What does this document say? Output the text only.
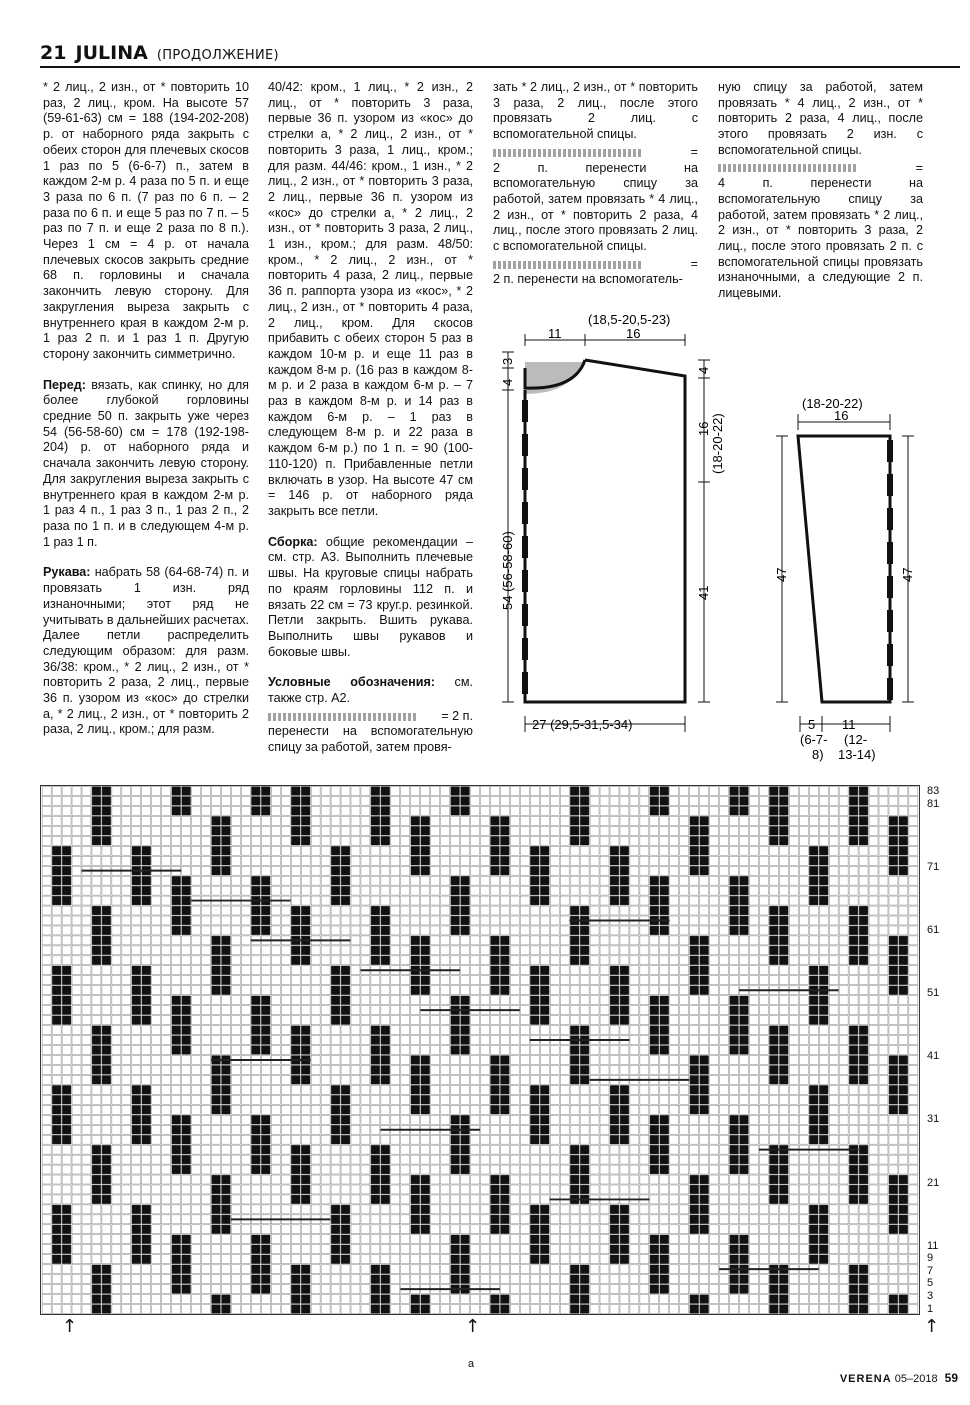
21 JULINA (ПРОДОЛЖЕНИЕ)

* 2 лиц., 2 изн., от * повторить 10 раз, 2 лиц., кром. На высоте 57 (59-61-63) см = 188 (194-202-208) р. от наборного ряда закрыть с обеих сторон для плечевых скосов 1 раз по 5 (6-6-7) п., затем в каждом 2-м р. 4 раза по 5 п. и еще 3 раза по 6 п. (7 раз по 6 п. – 2 раза по 6 п. и еще 5 раз по 7 п. – 5 раз по 7 п. и еще 2 раза по 8 п.). Через 1 см = 4 р. от начала плечевых скосов закрыть средние 68 п. горловины и сначала закончить левую сторону. Для закругления выреза закрыть с внутреннего края в каждом 2-м р. 1 раз 2 п. и 1 раз 1 п. Другую сторону закончить симметрично.

Перед: вязать, как спинку, но для более глубокой горловины средние 50 п. закрыть уже через 54 (56-58-60) см = 178 (192-198-204) р. от наборного ряда и сначала закончить левую сторону. Для закругления выреза закрыть с внутреннего края в каждом 2-м р. 1 раз 4 п., 1 раз 3 п., 1 раз 2 п., 2 раза по 1 п. и в следующем 4-м р. 1 раз 1 п.

Рукава: набрать 58 (64-68-74) п. и провязать 1 изн. ряд изнаночными; этот ряд не учитывать в дальнейших расчетах. Далее петли распределить следующим образом: для разм. 36/38: кром., * 2 лиц., 2 изн., от * повторить 2 раза, 2 лиц., первые 36 п. узором из «кос» до стрелки а, * 2 лиц., 2 изн., от * повторить 2 раза, 2 лиц., кром.; для разм.

40/42: кром., 1 лиц., * 2 изн., 2 лиц., от * повторить 3 раза, первые 36 п. узором из «кос» до стрелки а, * 2 лиц., 2 изн., от * повторить 3 раза, 1 лиц., кром.; для разм. 44/46: кром., 1 изн., * 2 лиц., 2 изн., от * повторить 3 раза, 2 лиц., первые 36 п. узором из «кос» до стрелки а, * 2 лиц., 2 изн., от * повторить 3 раза, 2 лиц., 1 изн., кром.; для разм. 48/50: кром., * 2 лиц., 2 изн., от * повторить 4 раза, 2 лиц., первые 36 п. раппорта узора из «кос», * 2 лиц., 2 изн., от * повторить 4 раза, 2 лиц., кром. Для скосов прибавить с обеих сторон 5 раз в каждом 10-м р. и еще 11 раз в каждом 8-м р. (16 раз в каждом 8-м р. и 2 раза в каждом 6-м р. – 7 раз в каждом 8-м р. и 14 раз в каждом 6-м р. – 1 раз в следующем 8-м р. и 22 раза в каждом 6-м р.) по 1 п. = 90 (100-110-120) п. Прибавленные петли включать в узор. На высоте 47 см = 146 р. от наборного ряда закрыть все петли.

Сборка: общие рекомендации – см. стр. А3. Выполнить плечевые швы. На круговые спицы набрать по краям горловины 112 п. и вязать 22 см = 73 круг.р. резинкой. Петли закрыть. Вшить рукава. Выполнить швы рукавов и боковые швы.

Условные обозначения: см. также стр. А2.

= 2 п.
перенести на вспомогательную спицу за работой, затем провя-

зать * 2 лиц., 2 изн., от * повторить 3 раза, 2 лиц., после этого провязать 2 лиц. с вспомогательной спицы.

=
2 п. перенести на вспомогательную спицу за работой, затем провязать * 4 лиц., 2 изн., от * повторить 2 раза, 4 лиц., после этого провязать 2 лиц. с вспомогательной спицы.
=
2 п. перенести на вспомогатель-

ную спицу за работой, затем провязать * 4 лиц., 2 изн., от * повторить 2 раза, 4 лиц., после этого провязать 2 изн. с вспомогательной спицы.

=
4 п. перенести на вспомогательную спицу за работой, затем провязать * 2 лиц., 2 изн., от * повторить 3 раза, 2 лиц., после этого провязать 2 п. с вспомогательной спицы провязать изнаночными, а следующие 2 п. лицевыми.
11
(18,5-20,5-23)
16
3
4
54 (56-58-60)
4
16 (18-20-22)
41
27 (29,5-31,5-34)
(18-20-22)
16
47	47
5 11
(6-7- (12-
8) 13-14)
83
81
71
61
51
41
31
21
11
9
7
5
3
1
↑	↑	↑
a
VERENA 05–2018 59
